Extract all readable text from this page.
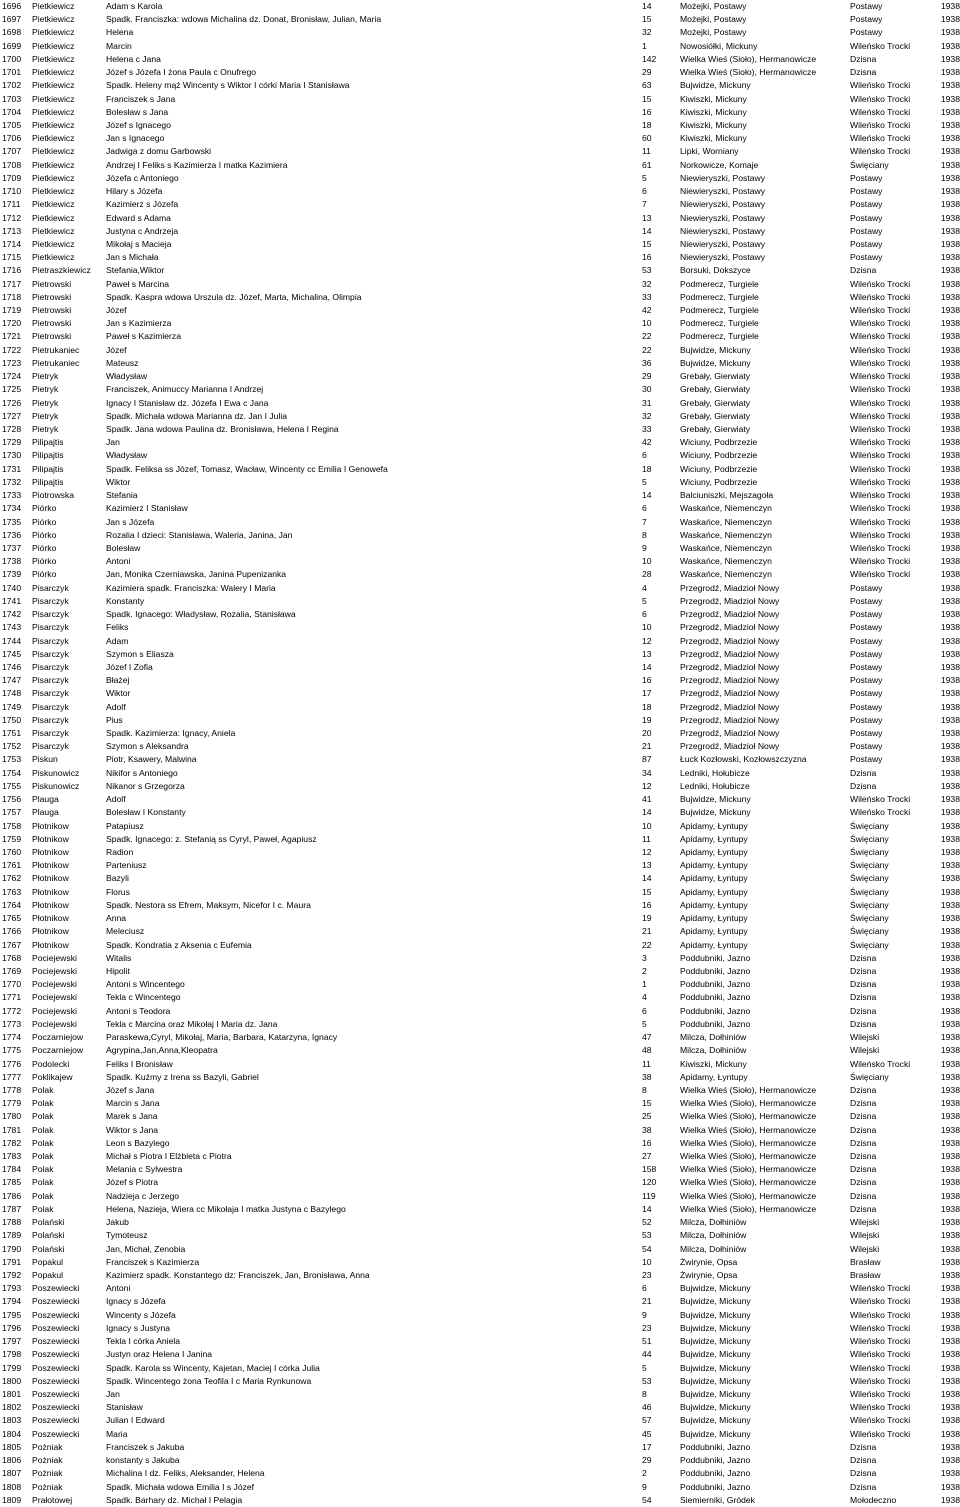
1696	Pietkiewicz	Adam s Karola	14	Możejki, Postawy	Postawy	1938
1697	Pietkiewicz	Spadk. Franciszka: wdowa Michalina dz. Donat, Bronisław, Julian, Maria	15	Możejki, Postawy	Postawy	1938
1698	Pietkiewicz	Helena	32	Możejki, Postawy	Postawy	1938
1699	Pietkiewicz	Marcin	1	Nowosiółki, Mickuny	Wileńsko Trocki	1938
1700	Pietkiewicz	Helena c Jana	142	Wielka Wieś (Sioło), Hermanowicze	Dzisna	1938
1701	Pietkiewicz	Józef s Józefa I żona Paula c Onufrego	29	Wielka Wieś (Sioło), Hermanowicze	Dzisna	1938
1702	Pietkiewicz	Spadk. Heleny mąż Wincenty s Wiktor I córki Maria I Stanisława	63	Bujwidze, Mickuny	Wileńsko Trocki	1938
1703	Pietkiewicz	Franciszek s Jana	15	Kiwiszki, Mickuny	Wileńsko Trocki	1938
1704	Pietkiewicz	Bolesław s Jana	16	Kiwiszki, Mickuny	Wileńsko Trocki	1938
1705	Pietkiewicz	Józef s Ignacego	18	Kiwiszki, Mickuny	Wileńsko Trocki	1938
1706	Pietkiewicz	Jan s Ignacego	60	Kiwiszki, Mickuny	Wileńsko Trocki	1938
1707	Pietkiewicz	Jadwiga z domu Garbowski	11	Lipki, Worniany	Wileńsko Trocki	1938
1708	Pietkiewicz	Andrzej I Feliks s Kazimierza I matka Kazimiera	61	Norkowicze, Komaje	Święciany	1938
1709	Pietkiewicz	Józefa c Antoniego	5	Niewieryszki, Postawy	Postawy	1938
1710	Pietkiewicz	Hilary s Józefa	6	Niewieryszki, Postawy	Postawy	1938
1711	Pietkiewicz	Kazimierz s Józefa	7	Niewieryszki, Postawy	Postawy	1938
1712	Pietkiewicz	Edward s Adama	13	Niewieryszki, Postawy	Postawy	1938
1713	Pietkiewicz	Justyna c Andrzeja	14	Niewieryszki, Postawy	Postawy	1938
1714	Pietkiewicz	Mikołaj s Macieja	15	Niewieryszki, Postawy	Postawy	1938
1715	Pietkiewicz	Jan s Michała	16	Niewieryszki, Postawy	Postawy	1938
1716	Pietraszkiewicz	Stefania,Wiktor	53	Borsuki, Dokszyce	Dzisna	1938
1717	Pietrowski	Paweł s Marcina	32	Podmerecz, Turgiele	Wileńsko Trocki	1938
1718	Pietrowski	Spadk. Kaspra wdowa Urszula dz. Józef, Marta, Michalina, Olimpia	33	Podmerecz, Turgiele	Wileńsko Trocki	1938
1719	Pietrowski	Józef	42	Podmerecz, Turgiele	Wileńsko Trocki	1938
1720	Pietrowski	Jan s Kazimierza	10	Podmerecz, Turgiele	Wileńsko Trocki	1938
1721	Pietrowski	Paweł s Kazimierza	22	Podmerecz, Turgiele	Wileńsko Trocki	1938
1722	Pietrukaniec	Józef	22	Bujwidze, Mickuny	Wileńsko Trocki	1938
1723	Pietrukaniec	Mateusz	36	Bujwidze, Mickuny	Wileńsko Trocki	1938
1724	Pietryk	Władysław	29	Grebały, Gierwiaty	Wileńsko Trocki	1938
1725	Pietryk	Franciszek, Animuccy Marianna I Andrzej	30	Grebały, Gierwiaty	Wileńsko Trocki	1938
1726	Pietryk	Ignacy I Stanisław dz. Józefa I Ewa c Jana	31	Grebały, Gierwiaty	Wileńsko Trocki	1938
1727	Pietryk	Spadk. Michała wdowa Marianna dz. Jan I Julia	32	Grebały, Gierwiaty	Wileńsko Trocki	1938
1728	Pietryk	Spadk. Jana wdowa Paulina dz. Bronisława, Helena I Regina	33	Grebały, Gierwiaty	Wileńsko Trocki	1938
1729	Pilipajtis	Jan	42	Wiciuny, Podbrzezie	Wileńsko Trocki	1938
1730	Pilipajtis	Władysław	6	Wiciuny, Podbrzezie	Wileńsko Trocki	1938
1731	Pilipajtis	Spadk. Feliksa ss Józef, Tomasz, Wacław, Wincenty cc Emilia I Genowefa	18	Wiciuny, Podbrzezie	Wileńsko Trocki	1938
1732	Pilipajtis	Wiktor	5	Wiciuny, Podbrzezie	Wileńsko Trocki	1938
1733	Piotrowska	Stefania	14	Balciuniszki, Mejszagoła	Wileńsko Trocki	1938
1734	Piórko	Kazimierz I Stanisław	6	Waskańce, Niemenczyn	Wileńsko Trocki	1938
1735	Piórko	Jan s Józefa	7	Waskańce, Niemenczyn	Wileńsko Trocki	1938
1736	Piórko	Rozalia I dzieci: Stanisława, Waleria, Janina, Jan	8	Waskańce, Niemenczyn	Wileńsko Trocki	1938
1737	Piórko	Bolesław	9	Waskańce, Niemenczyn	Wileńsko Trocki	1938
1738	Piórko	Antoni	10	Waskańce, Niemenczyn	Wileńsko Trocki	1938
1739	Piórko	Jan, Monika Czerniawska, Janina Pupenizanka	28	Waskańce, Niemenczyn	Wileńsko Trocki	1938
1740	Pisarczyk	Kazimiera spadk. Franciszka: Walery I Maria	4	Przegrodź, Miadzioł Nowy	Postawy	1938
1741	Pisarczyk	Konstanty	5	Przegrodź, Miadzioł Nowy	Postawy	1938
1742	Pisarczyk	Spadk. Ignacego: Władysław, Rozalia, Stanisława	6	Przegrodź, Miadzioł Nowy	Postawy	1938
1743	Pisarczyk	Feliks	10	Przegrodź, Miadzioł Nowy	Postawy	1938
1744	Pisarczyk	Adam	12	Przegrodź, Miadzioł Nowy	Postawy	1938
1745	Pisarczyk	Szymon s Eliasza	13	Przegrodź, Miadzioł Nowy	Postawy	1938
1746	Pisarczyk	Józef I Zofia	14	Przegrodź, Miadzioł Nowy	Postawy	1938
1747	Pisarczyk	Błażej	16	Przegrodź, Miadzioł Nowy	Postawy	1938
1748	Pisarczyk	Wiktor	17	Przegrodź, Miadzioł Nowy	Postawy	1938
1749	Pisarczyk	Adolf	18	Przegrodź, Miadzioł Nowy	Postawy	1938
1750	Pisarczyk	Pius	19	Przegrodź, Miadzioł Nowy	Postawy	1938
1751	Pisarczyk	Spadk. Kazimierza: Ignacy, Aniela	20	Przegrodź, Miadzioł Nowy	Postawy	1938
1752	Pisarczyk	Szymon s Aleksandra	21	Przegrodź, Miadzioł Nowy	Postawy	1938
1753	Piskun	Piotr, Ksawery, Malwina	87	Łuck Kozłowski, Kozłowszczyzna	Postawy	1938
1754	Piskunowicz	Nikifor s Antoniego	34	Ledniki, Hołubicze	Dzisna	1938
1755	Piskunowicz	Nikanor s Grzegorza	12	Ledniki, Hołubicze	Dzisna	1938
1756	Plauga	Adolf	41	Bujwidze, Mickuny	Wileńsko Trocki	1938
1757	Plauga	Bolesław I Konstanty	14	Bujwidze, Mickuny	Wileńsko Trocki	1938
1758	Płotnikow	Patapiusz	10	Apidamy, Łyntupy	Święciany	1938
1759	Płotnikow	Spadk. Ignacego: z. Stefanią ss Cyryl, Paweł, Agapiusz	11	Apidamy, Łyntupy	Święciany	1938
1760	Płotnikow	Radion	12	Apidamy, Łyntupy	Święciany	1938
1761	Płotnikow	Parteniusz	13	Apidamy, Łyntupy	Święciany	1938
1762	Płotnikow	Bazyli	14	Apidamy, Łyntupy	Święciany	1938
1763	Płotnikow	Florus	15	Apidamy, Łyntupy	Święciany	1938
1764	Płotnikow	Spadk. Nestora ss Efrem, Maksym, Nicefor I c. Maura	16	Apidamy, Łyntupy	Święciany	1938
1765	Płotnikow	Anna	19	Apidamy, Łyntupy	Święciany	1938
1766	Płotnikow	Meleciusz	21	Apidamy, Łyntupy	Święciany	1938
1767	Płotnikow	Spadk. Kondratia z Aksenia c Eufemia	22	Apidamy, Łyntupy	Święciany	1938
1768	Pociejewski	Witalis	3	Poddubniki, Jazno	Dzisna	1938
1769	Pociejewski	Hipolit	2	Poddubniki, Jazno	Dzisna	1938
1770	Pociejewski	Antoni s Wincentego	1	Poddubniki, Jazno	Dzisna	1938
1771	Pociejewski	Tekla c Wincentego	4	Poddubniki, Jazno	Dzisna	1938
1772	Pociejewski	Antoni s Teodora	6	Poddubniki, Jazno	Dzisna	1938
1773	Pociejewski	Tekla c Marcina oraz Mikołaj I Maria dz. Jana	5	Poddubniki, Jazno	Dzisna	1938
1774	Poczarniejow	Paraskewa,Cyryl, Mikołaj, Maria, Barbara, Katarzyna, Ignacy	47	Milcza, Dołhiniów	Wilejski	1938
1775	Poczarniejow	Agrypina,Jan,Anna,Kleopatra	48	Milcza, Dołhiniów	Wilejski	1938
1776	Podolecki	Feliks I Bronisław	11	Kiwiszki, Mickuny	Wileńsko Trocki	1938
1777	Poklikajew	Spadk. Kuźmy z Irena ss Bazyli, Gabriel	38	Apidamy, Łyntupy	Święciany	1938
1778	Polak	Józef s Jana	8	Wielka Wieś (Sioło), Hermanowicze	Dzisna	1938
1779	Polak	Marcin s Jana	15	Wielka Wieś (Sioło), Hermanowicze	Dzisna	1938
1780	Polak	Marek s Jana	25	Wielka Wieś (Sioło), Hermanowicze	Dzisna	1938
1781	Polak	Wiktor s Jana	38	Wielka Wieś (Sioło), Hermanowicze	Dzisna	1938
1782	Polak	Leon s Bazylego	16	Wielka Wieś (Sioło), Hermanowicze	Dzisna	1938
1783	Polak	Michał s Piotra I Elżbieta c Piotra	27	Wielka Wieś (Sioło), Hermanowicze	Dzisna	1938
1784	Polak	Melania c Sylwestra	158	Wielka Wieś (Sioło), Hermanowicze	Dzisna	1938
1785	Polak	Józef s Piotra	120	Wielka Wieś (Sioło), Hermanowicze	Dzisna	1938
1786	Polak	Nadzieja c Jerzego	119	Wielka Wieś (Sioło), Hermanowicze	Dzisna	1938
1787	Polak	Helena, Nazieja, Wiera cc Mikołaja I matka Justyna c Bazylego	14	Wielka Wieś (Sioło), Hermanowicze	Dzisna	1938
1788	Polański	Jakub	52	Milcza, Dołhiniów	Wilejski	1938
1789	Polański	Tymoteusz	53	Milcza, Dołhiniów	Wilejski	1938
1790	Polański	Jan, Michał, Zenobia	54	Milcza, Dołhiniów	Wilejski	1938
1791	Popakul	Franciszek s Kazimierza	10	Żwirynie, Opsa	Brasław	1938
1792	Popakul	Kazimierz spadk. Konstantego dz: Franciszek, Jan, Bronisława, Anna	23	Żwirynie, Opsa	Brasław	1938
1793	Poszewiecki	Antoni	6	Bujwidze, Mickuny	Wileńsko Trocki	1938
1794	Poszewiecki	Ignacy s Józefa	21	Bujwidze, Mickuny	Wileńsko Trocki	1938
1795	Poszewiecki	Wincenty s Józefa	9	Bujwidze, Mickuny	Wileńsko Trocki	1938
1796	Poszewiecki	Ignacy s Justyna	23	Bujwidze, Mickuny	Wileńsko Trocki	1938
1797	Poszewiecki	Tekla I córka Aniela	51	Bujwidze, Mickuny	Wileńsko Trocki	1938
1798	Poszewiecki	Justyn oraz Helena I Janina	44	Bujwidze, Mickuny	Wileńsko Trocki	1938
1799	Poszewiecki	Spadk. Karola ss Wincenty, Kajetan, Maciej I córka Julia	5	Bujwidze, Mickuny	Wileńsko Trocki	1938
1800	Poszewiecki	Spadk. Wincentego żona Teofila I c Maria Rynkunowa	53	Bujwidze, Mickuny	Wileńsko Trocki	1938
1801	Poszewiecki	Jan	8	Bujwidze, Mickuny	Wileńsko Trocki	1938
1802	Poszewiecki	Stanisław	46	Bujwidze, Mickuny	Wileńsko Trocki	1938
1803	Poszewiecki	Julian I Edward	57	Bujwidze, Mickuny	Wileńsko Trocki	1938
1804	Poszewiecki	Maria	45	Bujwidze, Mickuny	Wileńsko Trocki	1938
1805	Pożniak	Franciszek s Jakuba	17	Poddubniki, Jazno	Dzisna	1938
1806	Pożniak	konstanty s Jakuba	29	Poddubniki, Jazno	Dzisna	1938
1807	Pożniak	Michalina I dz. Feliks, Aleksander, Helena	2	Poddubniki, Jazno	Dzisna	1938
1808	Pożniak	Spadk. Michała wdowa Emilia I s Józef	9	Poddubniki, Jazno	Dzisna	1938
1809	Prałotowej	Spadk. Barhary dz. Michał I Pelagia	54	Siemierniki, Gródek	Mołodeczno	1938
